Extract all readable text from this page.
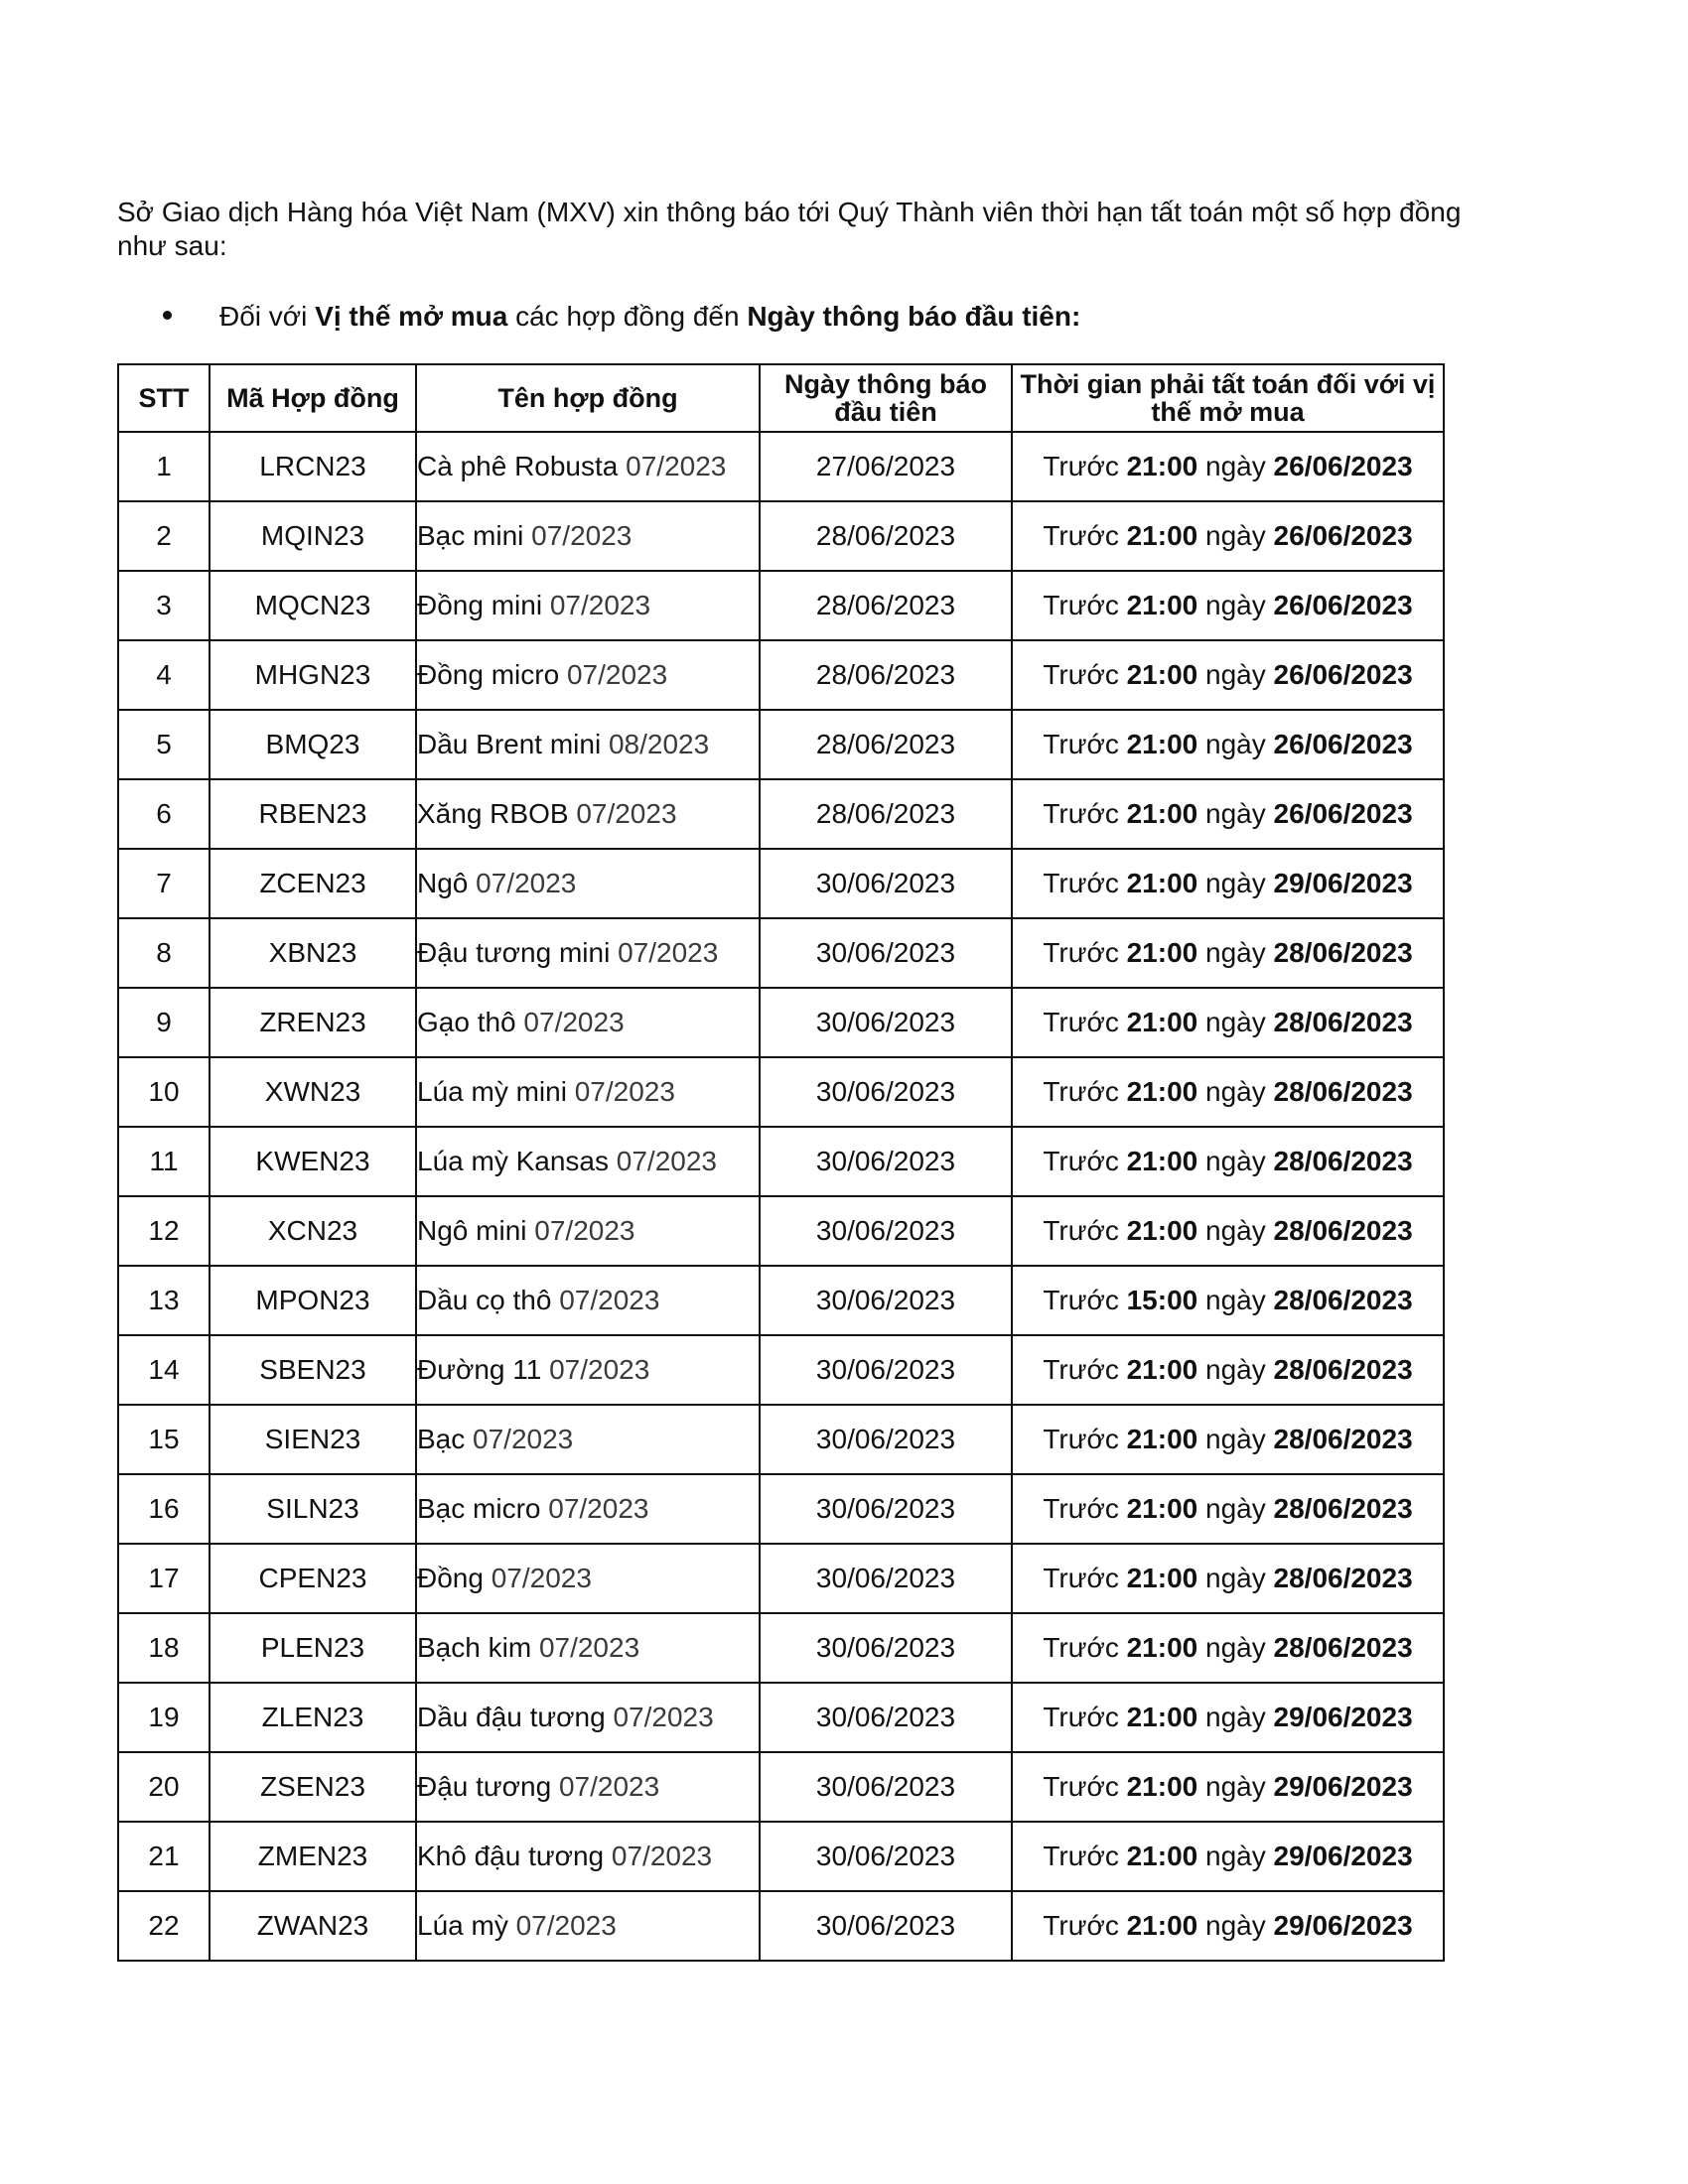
Sở Giao dịch Hàng hóa Việt Nam (MXV) xin thông báo tới Quý Thành viên thời hạn tất toán một số hợp đồng như sau:

Đối với Vị thế mở mua các hợp đồng đến Ngày thông báo đầu tiên:

STT	Mã Hợp đồng	Tên hợp đồng	Ngày thông báo đầu tiên	Thời gian phải tất toán đối với vị thế mở mua
1	LRCN23	Cà phê Robusta 07/2023	27/06/2023	Trước 21:00 ngày 26/06/2023
2	MQIN23	Bạc mini 07/2023	28/06/2023	Trước 21:00 ngày 26/06/2023
3	MQCN23	Đồng mini 07/2023	28/06/2023	Trước 21:00 ngày 26/06/2023
4	MHGN23	Đồng micro 07/2023	28/06/2023	Trước 21:00 ngày 26/06/2023
5	BMQ23	Dầu Brent mini 08/2023	28/06/2023	Trước 21:00 ngày 26/06/2023
6	RBEN23	Xăng RBOB 07/2023	28/06/2023	Trước 21:00 ngày 26/06/2023
7	ZCEN23	Ngô 07/2023	30/06/2023	Trước 21:00 ngày 29/06/2023
8	XBN23	Đậu tương mini 07/2023	30/06/2023	Trước 21:00 ngày 28/06/2023
9	ZREN23	Gạo thô 07/2023	30/06/2023	Trước 21:00 ngày 28/06/2023
10	XWN23	Lúa mỳ mini 07/2023	30/06/2023	Trước 21:00 ngày 28/06/2023
11	KWEN23	Lúa mỳ Kansas 07/2023	30/06/2023	Trước 21:00 ngày 28/06/2023
12	XCN23	Ngô mini 07/2023	30/06/2023	Trước 21:00 ngày 28/06/2023
13	MPON23	Dầu cọ thô 07/2023	30/06/2023	Trước 15:00 ngày 28/06/2023
14	SBEN23	Đường 11 07/2023	30/06/2023	Trước 21:00 ngày 28/06/2023
15	SIEN23	Bạc 07/2023	30/06/2023	Trước 21:00 ngày 28/06/2023
16	SILN23	Bạc micro 07/2023	30/06/2023	Trước 21:00 ngày 28/06/2023
17	CPEN23	Đồng 07/2023	30/06/2023	Trước 21:00 ngày 28/06/2023
18	PLEN23	Bạch kim 07/2023	30/06/2023	Trước 21:00 ngày 28/06/2023
19	ZLEN23	Dầu đậu tương 07/2023	30/06/2023	Trước 21:00 ngày 29/06/2023
20	ZSEN23	Đậu tương 07/2023	30/06/2023	Trước 21:00 ngày 29/06/2023
21	ZMEN23	Khô đậu tương 07/2023	30/06/2023	Trước 21:00 ngày 29/06/2023
22	ZWAN23	Lúa mỳ 07/2023	30/06/2023	Trước 21:00 ngày 29/06/2023
